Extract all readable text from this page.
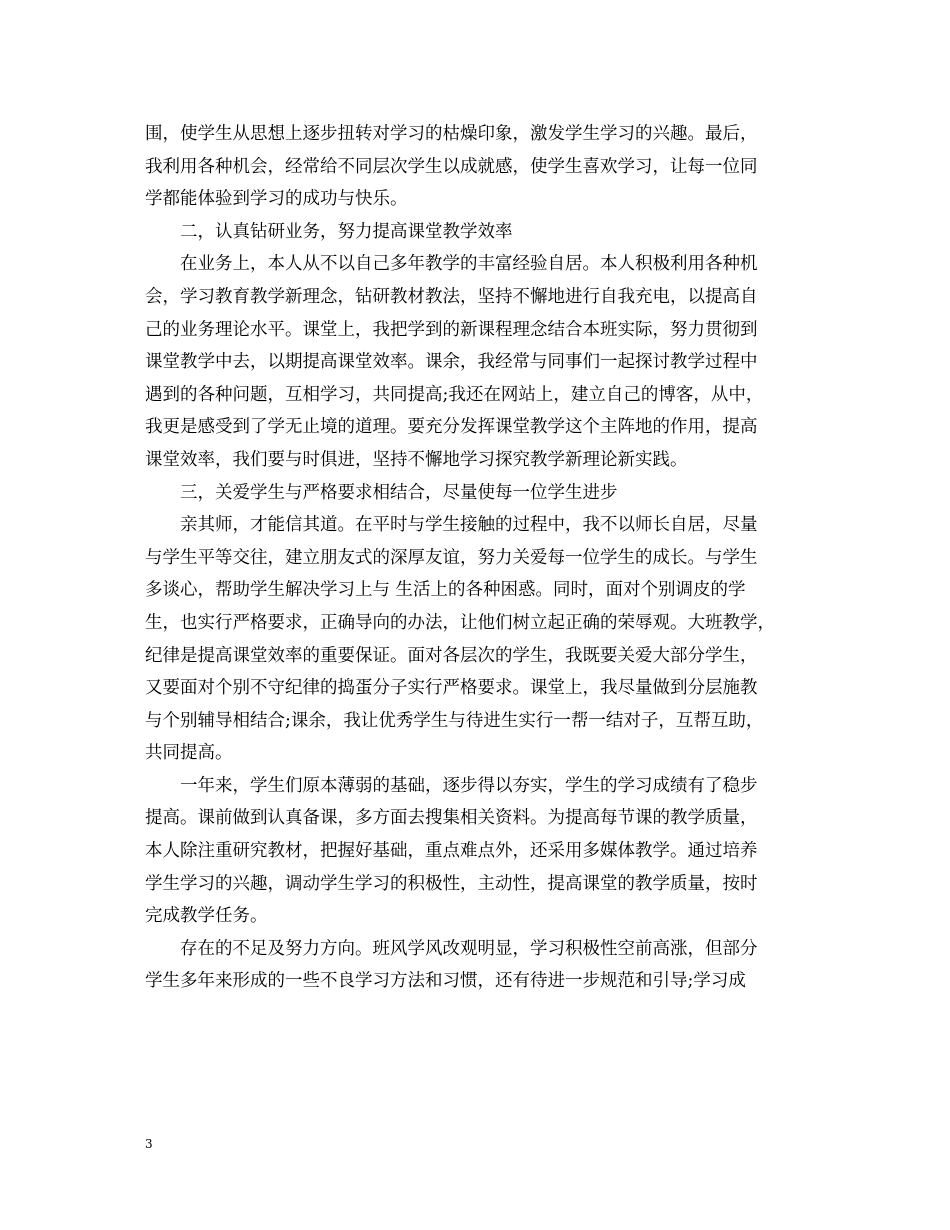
围，使学生从思想上逐步扭转对学习的枯燥印象，激发学生学习的兴趣。最后，
我利用各种机会，经常给不同层次学生以成就感，使学生喜欢学习，让每一位同
学都能体验到学习的成功与快乐。
　　二，认真钻研业务，努力提高课堂教学效率
　　在业务上，本人从不以自己多年教学的丰富经验自居。本人积极利用各种机
会，学习教育教学新理念，钻研教材教法，坚持不懈地进行自我充电，以提高自
己的业务理论水平。课堂上，我把学到的新课程理念结合本班实际，努力贯彻到
课堂教学中去，以期提高课堂效率。课余，我经常与同事们一起探讨教学过程中
遇到的各种问题，互相学习，共同提高;我还在网站上，建立自己的博客，从中，
我更是感受到了学无止境的道理。要充分发挥课堂教学这个主阵地的作用，提高
课堂效率，我们要与时俱进，坚持不懈地学习探究教学新理论新实践。
　　三，关爱学生与严格要求相结合，尽量使每一位学生进步
　　亲其师，才能信其道。在平时与学生接触的过程中，我不以师长自居，尽量
与学生平等交往，建立朋友式的深厚友谊，努力关爱每一位学生的成长。与学生
多谈心，帮助学生解决学习上与 生活上的各种困惑。同时，面对个别调皮的学
生，也实行严格要求，正确导向的办法，让他们树立起正确的荣辱观。大班教学，
纪律是提高课堂效率的重要保证。面对各层次的学生，我既要关爱大部分学生，
又要面对个别不守纪律的捣蛋分子实行严格要求。课堂上，我尽量做到分层施教
与个别辅导相结合;课余，我让优秀学生与待进生实行一帮一结对子，互帮互助，
共同提高。
　　一年来，学生们原本薄弱的基础，逐步得以夯实，学生的学习成绩有了稳步
提高。课前做到认真备课，多方面去搜集相关资料。为提高每节课的教学质量，
本人除注重研究教材，把握好基础，重点难点外，还采用多媒体教学。通过培养
学生学习的兴趣，调动学生学习的积极性，主动性，提高课堂的教学质量，按时
完成教学任务。
　　存在的不足及努力方向。班风学风改观明显，学习积极性空前高涨，但部分
学生多年来形成的一些不良学习方法和习惯，还有待进一步规范和引导;学习成
3
